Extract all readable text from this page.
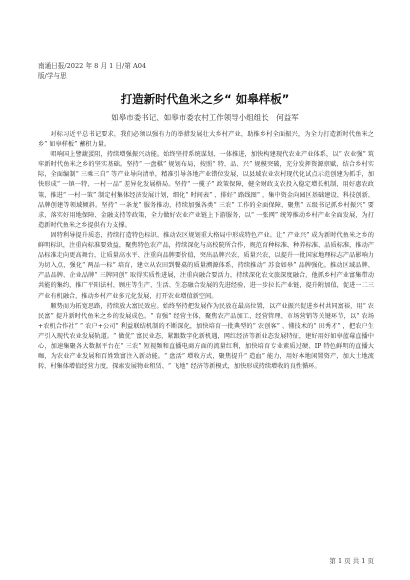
南通日报/2022 年 8 月 1 日/第 A04
版/学与思
打造新时代鱼米之乡“ 如皋样板”
如皋市委书记、如皋市委农村工作领导小组组长　何益军

对标习近平总书记要求，我们必须以强有力的举措发展壮大乡村产业，助推乡村全面振兴，为全力打造新时代鱼米之乡“ 如皋样板” 蓄积力量。

唱响国上譬蔬蛋阻，持续增强振兴动能。始终坚持系统谋划、一体推进，加快构建现代农业产业体系，以“ 农业强” 筑牢新时代鱼米之乡的坚实基础。坚持“ 一盘棋” 规划布局，按照“ 特、品、兴” 规模突破，充分发挥资源禀赋，结合乡村实际，全面编制“ 三乘三自” 等产业导向清单，精准引导各地产业错位发展，以县域农业农村现代化试点示范创建为抓手，加快形成“ 一镇一特、一村一品” 差异化发展格局。坚持“ 一揽子” 政策保障，健全财政支农投入稳定增长机制，用好惠农政策，推进“ 一村一策” 制定村集体经济发展计划，细化“ 时间表” 、排好“ 路线图” ，集中资金向园区基础建设、科技创新、品牌创建等领域倾斜。坚持“ 一条龙” 服务推动，持续加强各类“ 三农” 工作的全面保障，聚焦“ 五级书记抓乡村振兴” 要求，落实好用地保障、金融支持等政策，全力做好农业产业链上下游服务，以“ 一张网” 统筹推动乡村产业全面发展，为打造新时代鱼米之乡提供有力支撑。

固特利导提升质态，持续打造特色标识、推动农区规划重大格局中形成特色产业。让“ 产业兴” 成为新时代鱼米之乡的鲜明标识，注重向标准要效益，聚焦特色农产品，持续深化与高校院所合作，规范育种标准、种养标准、品质标准，推动产品标准走向更高舞台，让质量高水平、注重向品牌要价值，突出品牌兴农、质量兴农，以提升一批国家地理标志产品影响力为切入点，强化“ 两品一标” 培育，建立从农田到餐桌的质量溯源体系，持续推动“ 苏食如皋” 品牌强化。推动区域品牌、产品品牌、企业品牌“ 三牌同创” 取得实质性进展，注重向融合要活力，持续深化农文旅深度融合，他抓乡村产业富集带动共能的集约，推广平阳法村、顾庄等生产、生活、生态融合发展的先进经验，进一步拉长产业链，提升附加值，促进一二三产业有机融合，推动乡村产业多元化发展，打开农业增值新空间。

顺势而为拓宽思路，持续放大富民效应。始终坚持把发展作为民放在最高位置，以产业振兴促进乡村共同富裕，用“ 农民富” 提升新时代鱼米之乡的发展成色。“ 育强” 经营主体，聚焦农产品加工、经营管理、市场营销等关键环节，以“ 农场+农机合作社” “ 农户+公司” 利益联结机制的不断深化，加快培育一批典型的“ 农创客” 、懂技术的“ 田秀才” ，把农户生产引入现代农业发展轨道。“ 做优” 富民业态，紧跟数字化新机遇，网红经济等新业态发展特征，建好用好如皋蓝莓直播中心，加速集聚各大数据平台在“ 三农” 短视频和直播电商方面的流量红利，加快培育专业素质过硬、IP 特色鲜明的直播大咖，为农业产业发展和百姓致富注入新动能。“ 盘活” 增收方式，聚焦提升“ 造血” 能力，用好本地闲置资产，加大土地流转、村集体增值经营力度，探索发展物业租赁、“ 飞地” 经济等新模式，加快形成持续增收的良性循环。

第 1 页 共 1 页
